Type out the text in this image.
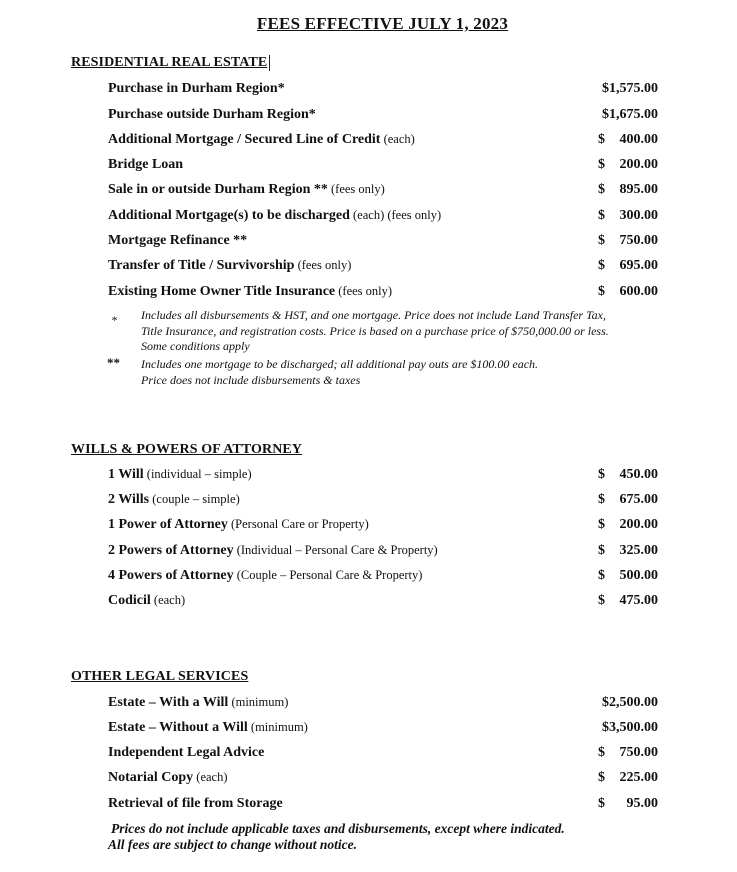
FEES EFFECTIVE JULY 1, 2023
RESIDENTIAL REAL ESTATE
Purchase in Durham Region*	$1,575.00
Purchase outside Durham Region*	$1,675.00
Additional Mortgage / Secured Line of Credit (each)	$ 400.00
Bridge Loan	$ 200.00
Sale in or outside Durham Region ** (fees only)	$ 895.00
Additional Mortgage(s) to be discharged (each) (fees only)	$ 300.00
Mortgage Refinance **	$ 750.00
Transfer of Title / Survivorship (fees only)	$ 695.00
Existing Home Owner Title Insurance (fees only)	$ 600.00
* Includes all disbursements & HST, and one mortgage. Price does not include Land Transfer Tax, Title Insurance, and registration costs. Price is based on a purchase price of $750,000.00 or less. Some conditions apply
** Includes one mortgage to be discharged; all additional pay outs are $100.00 each. Price does not include disbursements & taxes
WILLS & POWERS OF ATTORNEY
1 Will (individual – simple)	$ 450.00
2 Wills (couple – simple)	$ 675.00
1 Power of Attorney (Personal Care or Property)	$ 200.00
2 Powers of Attorney (Individual – Personal Care & Property)	$ 325.00
4 Powers of Attorney (Couple – Personal Care & Property)	$ 500.00
Codicil (each)	$ 475.00
OTHER LEGAL SERVICES
Estate – With a Will (minimum)	$2,500.00
Estate – Without a Will (minimum)	$3,500.00
Independent Legal Advice	$ 750.00
Notarial Copy (each)	$ 225.00
Retrieval of file from Storage	$ 95.00
Prices do not include applicable taxes and disbursements, except where indicated.
All fees are subject to change without notice.
